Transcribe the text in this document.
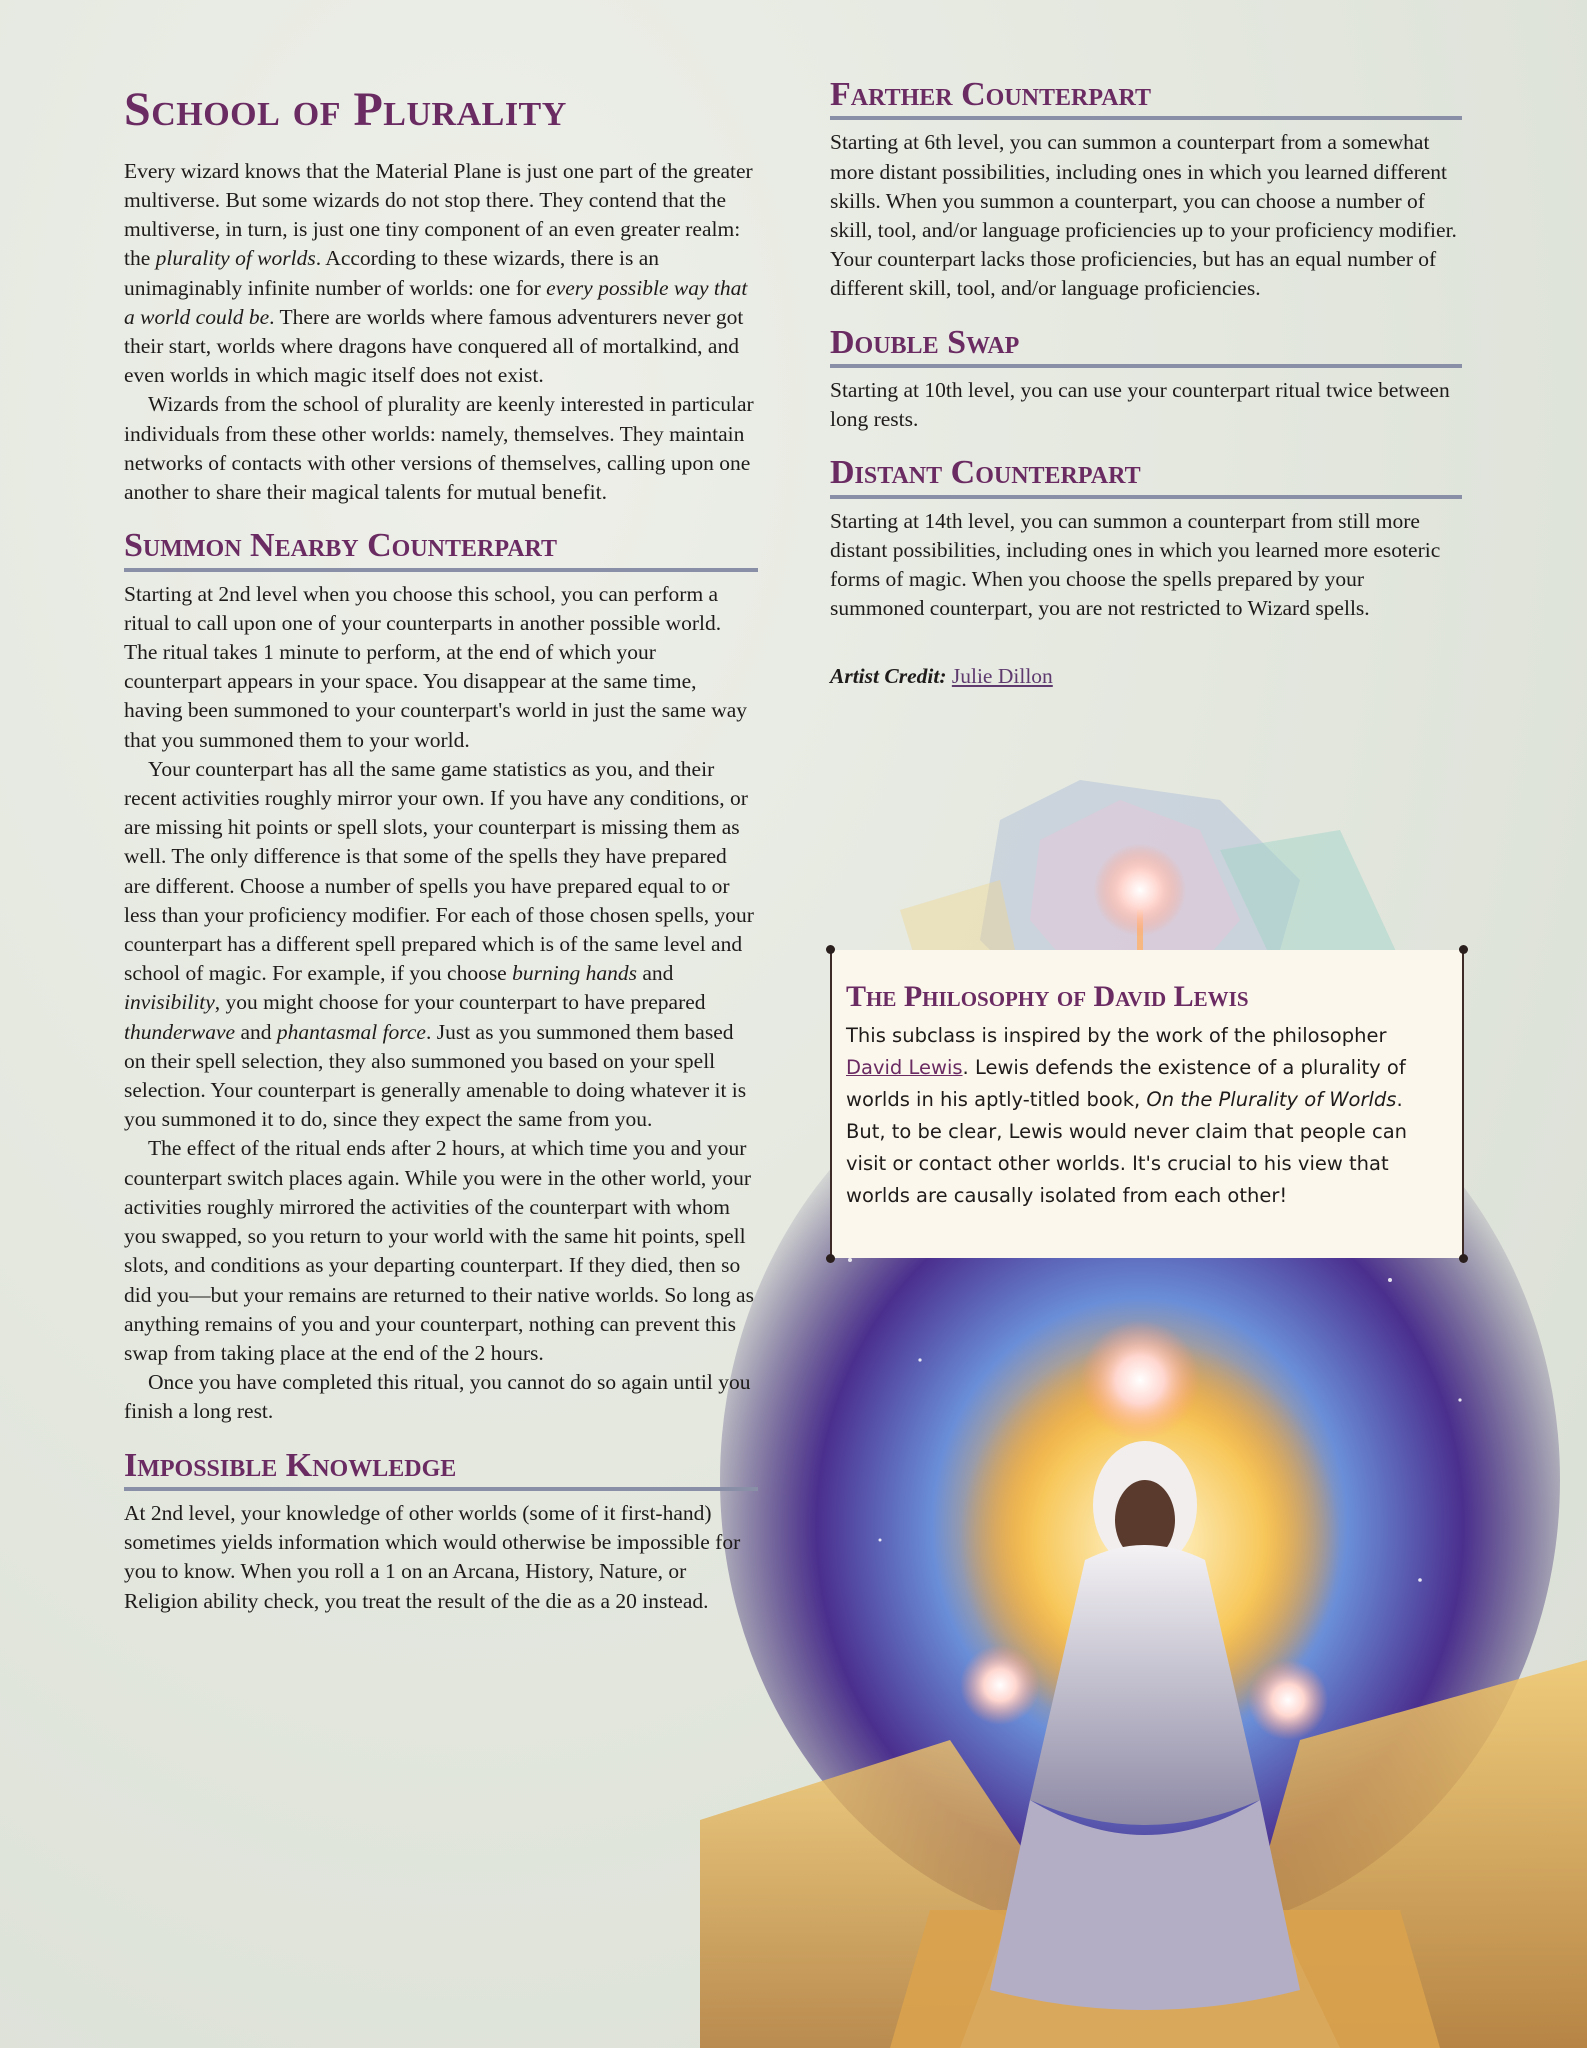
School of Plurality

Every wizard knows that the Material Plane is just one part of the greater multiverse. But some wizards do not stop there. They contend that the multiverse, in turn, is just one tiny component of an even greater realm: the plurality of worlds. According to these wizards, there is an unimaginably infinite number of worlds: one for every possible way that a world could be. There are worlds where famous adventurers never got their start, worlds where dragons have conquered all of mortalkind, and even worlds in which magic itself does not exist.

Wizards from the school of plurality are keenly interested in particular individuals from these other worlds: namely, themselves. They maintain networks of contacts with other versions of themselves, calling upon one another to share their magical talents for mutual benefit.

Summon Nearby Counterpart

Starting at 2nd level when you choose this school, you can perform a ritual to call upon one of your counterparts in another possible world. The ritual takes 1 minute to perform, at the end of which your counterpart appears in your space. You disappear at the same time, having been summoned to your counterpart's world in just the same way that you summoned them to your world.

Your counterpart has all the same game statistics as you, and their recent activities roughly mirror your own. If you have any conditions, or are missing hit points or spell slots, your counterpart is missing them as well. The only difference is that some of the spells they have prepared are different. Choose a number of spells you have prepared equal to or less than your proficiency modifier. For each of those chosen spells, your counterpart has a different spell prepared which is of the same level and school of magic. For example, if you choose burning hands and invisibility, you might choose for your counterpart to have prepared thunderwave and phantasmal force. Just as you summoned them based on their spell selection, they also summoned you based on your spell selection. Your counterpart is generally amenable to doing whatever it is you summoned it to do, since they expect the same from you.

The effect of the ritual ends after 2 hours, at which time you and your counterpart switch places again. While you were in the other world, your activities roughly mirrored the activities of the counterpart with whom you swapped, so you return to your world with the same hit points, spell slots, and conditions as your departing counterpart. If they died, then so did you—but your remains are returned to their native worlds. So long as anything remains of you and your counterpart, nothing can prevent this swap from taking place at the end of the 2 hours.

Once you have completed this ritual, you cannot do so again until you finish a long rest.

Impossible Knowledge

At 2nd level, your knowledge of other worlds (some of it first-hand) sometimes yields information which would otherwise be impossible for you to know. When you roll a 1 on an Arcana, History, Nature, or Religion ability check, you treat the result of the die as a 20 instead.

Farther Counterpart

Starting at 6th level, you can summon a counterpart from a somewhat more distant possibilities, including ones in which you learned different skills. When you summon a counterpart, you can choose a number of skill, tool, and/or language proficiencies up to your proficiency modifier. Your counterpart lacks those proficiencies, but has an equal number of different skill, tool, and/or language proficiencies.

Double Swap

Starting at 10th level, you can use your counterpart ritual twice between long rests.

Distant Counterpart

Starting at 14th level, you can summon a counterpart from still more distant possibilities, including ones in which you learned more esoteric forms of magic. When you choose the spells prepared by your summoned counterpart, you are not restricted to Wizard spells.

Artist Credit: Julie Dillon
The Philosophy of David Lewis

This subclass is inspired by the work of the philosopher David Lewis. Lewis defends the existence of a plurality of worlds in his aptly-titled book, On the Plurality of Worlds. But, to be clear, Lewis would never claim that people can visit or contact other worlds. It's crucial to his view that worlds are causally isolated from each other!
